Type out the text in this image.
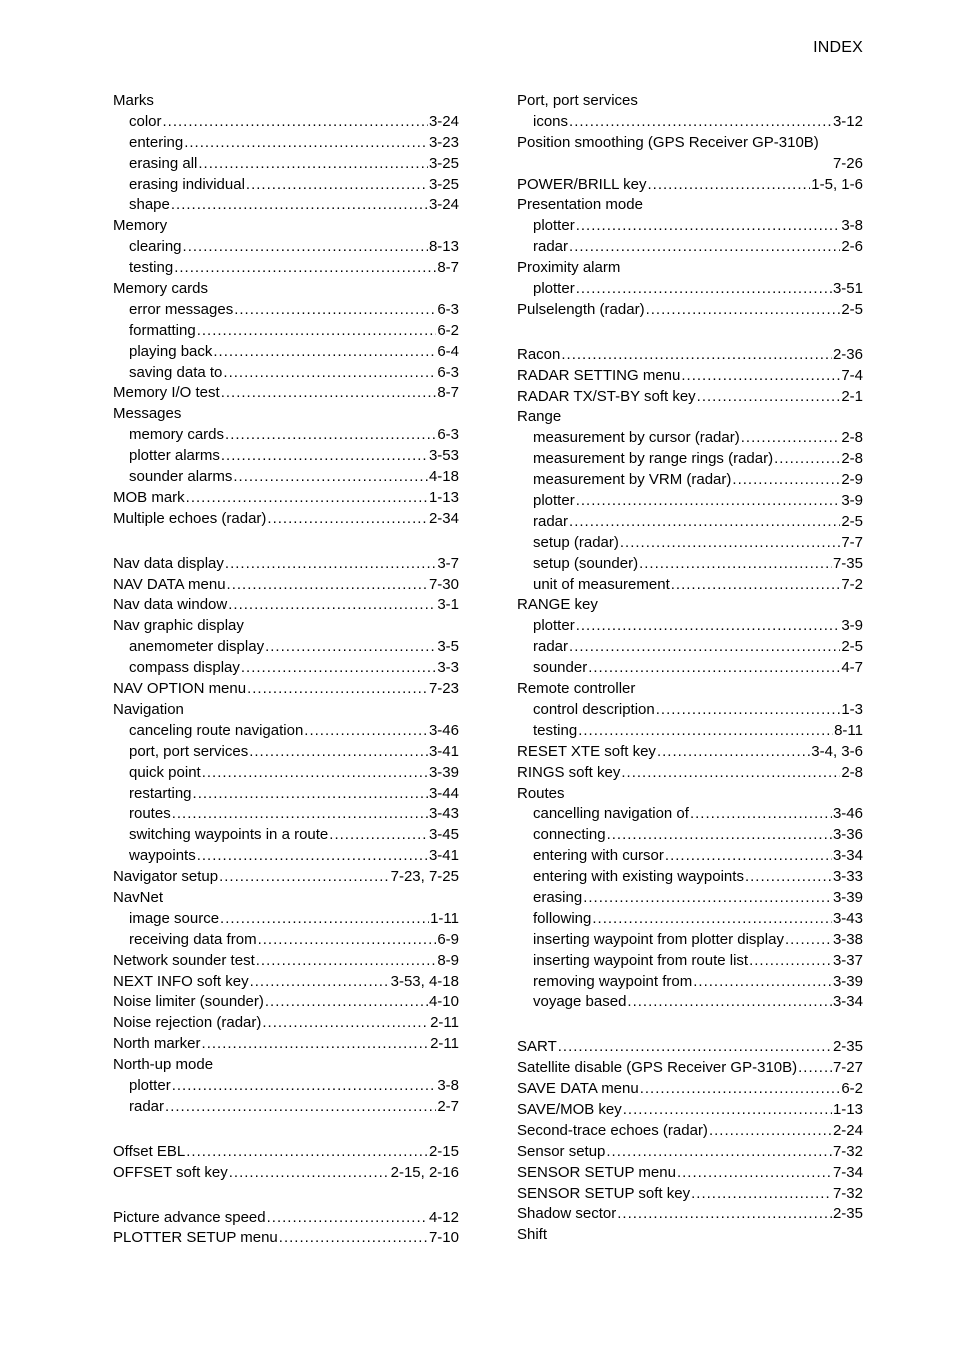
INDEX
Marks
color .....	3-24
entering .....	3-23
erasing all .....	3-25
erasing individual .....	3-25
shape .....	3-24
Memory
clearing .....	8-13
testing .....	8-7
Memory cards
error messages .....	6-3
formatting .....	6-2
playing back .....	6-4
saving data to .....	6-3
Memory I/O test .....	8-7
Messages
memory cards .....	6-3
plotter alarms .....	3-53
sounder alarms .....	4-18
MOB mark .....	1-13
Multiple echoes (radar) .....	2-34
Nav data display .....	3-7
NAV DATA menu .....	7-30
Nav data window .....	3-1
Nav graphic display
anemometer display .....	3-5
compass display .....	3-3
NAV OPTION menu .....	7-23
Navigation
canceling route navigation .....	3-46
port, port services .....	3-41
quick point .....	3-39
restarting .....	3-44
routes .....	3-43
switching waypoints in a route .....	3-45
waypoints .....	3-41
Navigator setup .....	7-23, 7-25
NavNet
image source .....	1-11
receiving data from .....	6-9
Network sounder test .....	8-9
NEXT INFO soft key .....	3-53, 4-18
Noise limiter (sounder) .....	4-10
Noise rejection (radar) .....	2-11
North marker .....	2-11
North-up mode
plotter .....	3-8
radar .....	2-7
Offset EBL .....	2-15
OFFSET soft key .....	2-15, 2-16
Picture advance speed .....	4-12
PLOTTER SETUP menu .....	7-10
Port, port services
icons .....	3-12
Position smoothing (GPS Receiver GP-310B)
7-26
POWER/BRILL key .....	1-5, 1-6
Presentation mode
plotter .....	3-8
radar .....	2-6
Proximity alarm
plotter .....	3-51
Pulselength (radar) .....	2-5
Racon .....	2-36
RADAR SETTING menu .....	7-4
RADAR TX/ST-BY soft key .....	2-1
Range
measurement by cursor (radar) .....	2-8
measurement by range rings (radar) .....	2-8
measurement by VRM (radar) .....	2-9
plotter .....	3-9
radar .....	2-5
setup (radar) .....	7-7
setup (sounder) .....	7-35
unit of measurement .....	7-2
RANGE key
plotter .....	3-9
radar .....	2-5
sounder .....	4-7
Remote controller
control description .....	1-3
testing .....	8-11
RESET XTE soft key .....	3-4, 3-6
RINGS soft key .....	2-8
Routes
cancelling navigation of .....	3-46
connecting .....	3-36
entering with cursor .....	3-34
entering with existing waypoints .....	3-33
erasing .....	3-39
following .....	3-43
inserting waypoint from plotter display .....	3-38
inserting waypoint from route list .....	3-37
removing waypoint from .....	3-39
voyage based .....	3-34
SART .....	2-35
Satellite disable (GPS Receiver GP-310B) ..... 7-27
SAVE DATA menu .....	6-2
SAVE/MOB key .....	1-13
Second-trace echoes (radar) .....	2-24
Sensor setup .....	7-32
SENSOR SETUP menu .....	7-34
SENSOR SETUP soft key .....	7-32
Shadow sector .....	2-35
Shift
